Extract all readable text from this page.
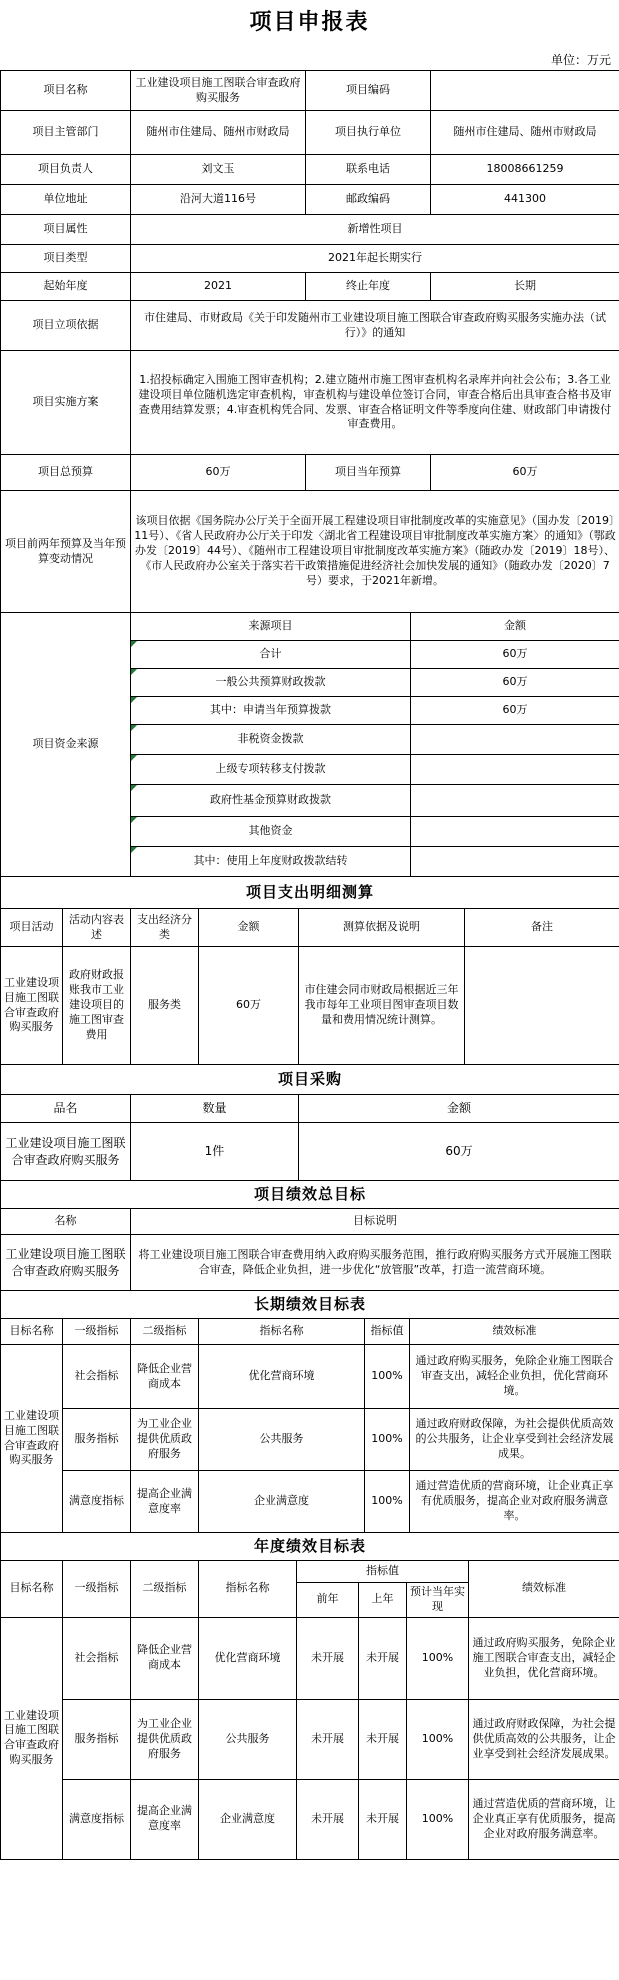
项目申报表
单位：万元
项目名称	工业建设项目施工图联合审查政府购买服务	项目编码	
项目主管部门	随州市住建局、随州市财政局	项目执行单位	随州市住建局、随州市财政局
项目负责人	刘文玉	联系电话	18008661259
单位地址	沿河大道116号	邮政编码	441300
项目属性	新增性项目		
项目类型	2021年起长期实行		
起始年度	2021	终止年度	长期
项目立项依据	市住建局、市财政局《关于印发随州市工业建设项目施工图联合审查政府购买服务实施办法（试行）》的通知		
项目实施方案	1.招投标确定入围施工图审查机构；2.建立随州市施工图审查机构名录库并向社会公布；3.各工业建设项目单位随机选定审查机构，审查机构与建设单位签订合同，审查合格后出具审查合格书及审查费用结算发票；4.审查机构凭合同、发票、审查合格证明文件等季度向住建、财政部门申请拨付审查费用。		
项目总预算	60万	项目当年预算	60万
项目前两年预算及当年预算变动情况	该项目依据《国务院办公厅关于全面开展工程建设项目审批制度改革的实施意见》（国办发〔2019〕11号）、《省人民政府办公厅关于印发〈湖北省工程建设项目审批制度改革实施方案〉的通知》（鄂政办发〔2019〕44号）、《随州市工程建设项目审批制度改革实施方案》（随政办发〔2019〕18号）、《市人民政府办公室关于落实若干政策措施促进经济社会加快发展的通知》（随政办发〔2020〕7号）要求，于2021年新增。		
项目资金来源	来源项目	金额
	合计	60万
	一般公共预算财政拨款	60万
	其中：申请当年预算拨款	60万
	非税资金拨款	
	上级专项转移支付拨款	
	政府性基金预算财政拨款	
	其他资金	
	其中：使用上年度财政拨款结转	
项目支出明细测算					
项目活动	活动内容表述	支出经济分类	金额	测算依据及说明	备注
工业建设项目施工图联合审查政府购买服务	政府财政报账我市工业建设项目的施工图审查费用	服务类	60万	市住建会同市财政局根据近三年我市每年工业项目图审查项目数量和费用情况统计测算。	
项目采购		
品名	数量	金额
工业建设项目施工图联合审查政府购买服务	1件	60万
项目绩效总目标	
名称	目标说明
工业建设项目施工图联合审查政府购买服务	将工业建设项目施工图联合审查费用纳入政府购买服务范围，推行政府购买服务方式开展施工图联合审查，降低企业负担，进一步优化“放管服”改革，打造一流营商环境。
长期绩效目标表					
目标名称	一级指标	二级指标	指标名称	指标值	绩效标准
工业建设项目施工图联合审查政府购买服务	社会指标	降低企业营商成本	优化营商环境	100%	通过政府购买服务，免除企业施工图联合审查支出，减轻企业负担，优化营商环境。
	服务指标	为工业企业提供优质政府服务	公共服务	100%	通过政府财政保障，为社会提供优质高效的公共服务，让企业享受到社会经济发展成果。
	满意度指标	提高企业满意度率	企业满意度	100%	通过营造优质的营商环境，让企业真正享有优质服务，提高企业对政府服务满意率。
年度绩效目标表							
目标名称	一级指标	二级指标	指标名称	指标值			绩效标准
				前年	上年	预计当年实现	
工业建设项目施工图联合审查政府购买服务	社会指标	降低企业营商成本	优化营商环境	未开展	未开展	100%	通过政府购买服务，免除企业施工图联合审查支出，减轻企业负担，优化营商环境。
	服务指标	为工业企业提供优质政府服务	公共服务	未开展	未开展	100%	通过政府财政保障，为社会提供优质高效的公共服务，让企业享受到社会经济发展成果。
	满意度指标	提高企业满意度率	企业满意度	未开展	未开展	100%	通过营造优质的营商环境，让企业真正享有优质服务，提高企业对政府服务满意率。
